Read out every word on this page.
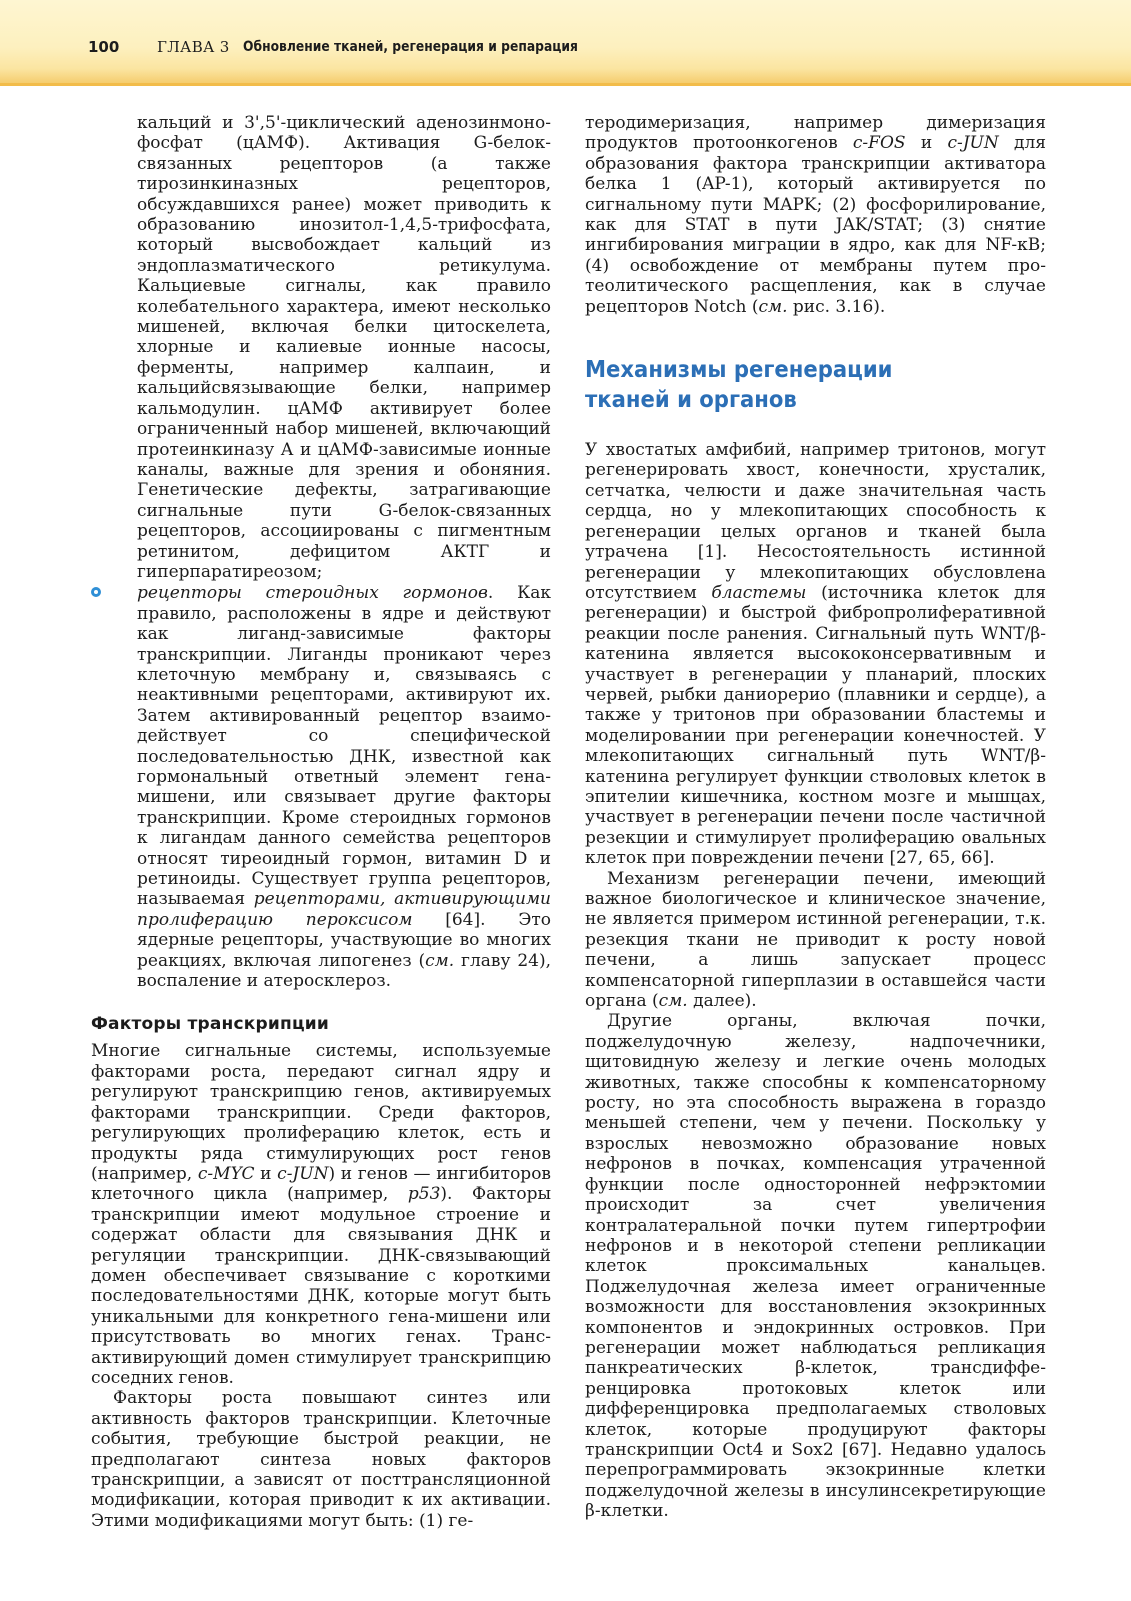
100	ГЛАВА 3 Обновление тканей, регенерация и репарация

кальций и 3',5'-циклический аденозинмонофосфат (цАМФ). Активация G-белок-связанных рецепторов (а также тирозинкиназных рецепторов, обсуждавшихся ранее) может приводить к образованию инозитол-1,4,5-трифосфата, который высвобождает кальций из эндоплазматического ретикулума. Кальциевые сигналы, как правило колебательного характера, имеют несколько мишеней, включая белки цитоскелета, хлорные и калиевые ионные насосы, ферменты, например калпаин, и кальцийсвязывающие белки, например кальмодулин. цАМФ активирует более ограниченный набор мишеней, включающий протеинкиназу А и цАМФ-зависимые ионные каналы, важные для зрения и обоняния. Генетические дефекты, затрагивающие сигнальные пути G-белок-связанных рецепторов, ассоциированы с пигментным ретинитом, дефицитом АКТГ и гиперпаратиреозом;

рецепторы стероидных гормонов. Как правило, расположены в ядре и действуют как лиганд-зависимые факторы транскрипции. Лиганды проникают через клеточную мембрану и, связываясь с неактивными рецепторами, активируют их. Затем активированный рецептор взаимодействует со специфической последовательностью ДНК, известной как гормональный ответный элемент гена-мишени, или связывает другие факторы транскрипции. Кроме стероидных гормонов к лигандам данного семейства рецепторов относят тиреоидный гормон, витамин D и ретиноиды. Существует группа рецепторов, называемая рецепторами, активирующими пролиферацию пероксисом [64]. Это ядерные рецепторы, участвующие во многих реакциях, включая липогенез (см. главу 24), воспаление и атеросклероз.

Факторы транскрипции

Многие сигнальные системы, используемые факторами роста, передают сигнал ядру и регулируют транскрипцию генов, активируемых факторами транскрипции. Среди факторов, регулирующих пролиферацию клеток, есть и продукты ряда стимулирующих рост генов (например, c-MYC и c-JUN) и генов — ингибиторов клеточного цикла (например, p53). Факторы транскрипции имеют модульное строение и содержат области для связывания ДНК и регуляции транскрипции. ДНК-связывающий домен обеспечивает связывание с короткими последовательностями ДНК, которые могут быть уникальными для конкретного гена-мишени или присутствовать во многих генах. Трансактивирующий домен стимулирует транскрипцию соседних генов.

Факторы роста повышают синтез или активность факторов транскрипции. Клеточные события, требующие быстрой реакции, не предполагают синтеза новых факторов транскрипции, а зависят от посттрансляционной модификации, которая приводит к их активации. Этими модификациями могут быть: (1) ге-

теродимеризация, например димеризация продуктов протоонкогенов c-FOS и c-JUN для образования фактора транскрипции активатора белка 1 (AP-1), который активируется по сигнальному пути MAPK; (2) фосфорилирование, как для STAT в пути JAK/STAT; (3) снятие ингибирования миграции в ядро, как для NF-κB; (4) освобождение от мембраны путем протеолитического расщепления, как в случае рецепторов Notch (см. рис. 3.16).

Механизмы регенерации
тканей и органов

У хвостатых амфибий, например тритонов, могут регенерировать хвост, конечности, хрусталик, сетчатка, челюсти и даже значительная часть сердца, но у млекопитающих способность к регенерации целых органов и тканей была утрачена [1]. Несостоятельность истинной регенерации у млекопитающих обусловлена отсутствием бластемы (источника клеток для регенерации) и быстрой фибропролиферативной реакции после ранения. Сигнальный путь WNT/β-катенина является высококонсервативным и участвует в регенерации у планарий, плоских червей, рыбки даниорерио (плавники и сердце), а также у тритонов при образовании бластемы и моделировании при регенерации конечностей. У млекопитающих сигнальный путь WNT/β-катенина регулирует функции стволовых клеток в эпителии кишечника, костном мозге и мышцах, участвует в регенерации печени после частичной резекции и стимулирует пролиферацию овальных клеток при повреждении печени [27, 65, 66].

Механизм регенерации печени, имеющий важное биологическое и клиническое значение, не является примером истинной регенерации, т.к. резекция ткани не приводит к росту новой печени, а лишь запускает процесс компенсаторной гиперплазии в оставшейся части органа (см. далее).

Другие органы, включая почки, поджелудочную железу, надпочечники, щитовидную железу и легкие очень молодых животных, также способны к компенсаторному росту, но эта способность выражена в гораздо меньшей степени, чем у печени. Поскольку у взрослых невозможно образование новых нефронов в почках, компенсация утраченной функции после односторонней нефрэктомии происходит за счет увеличения контралатеральной почки путем гипертрофии нефронов и в некоторой степени репликации клеток проксимальных канальцев. Поджелудочная железа имеет ограниченные возможности для восстановления экзокринных компонентов и эндокринных островков. При регенерации может наблюдаться репликация панкреатических β-клеток, трансдифференцировка протоковых клеток или дифференцировка предполагаемых стволовых клеток, которые продуцируют факторы транскрипции Oct4 и Sox2 [67]. Недавно удалось перепрограммировать экзокринные клетки поджелудочной железы в инсулинсекретирующие β-клетки.
